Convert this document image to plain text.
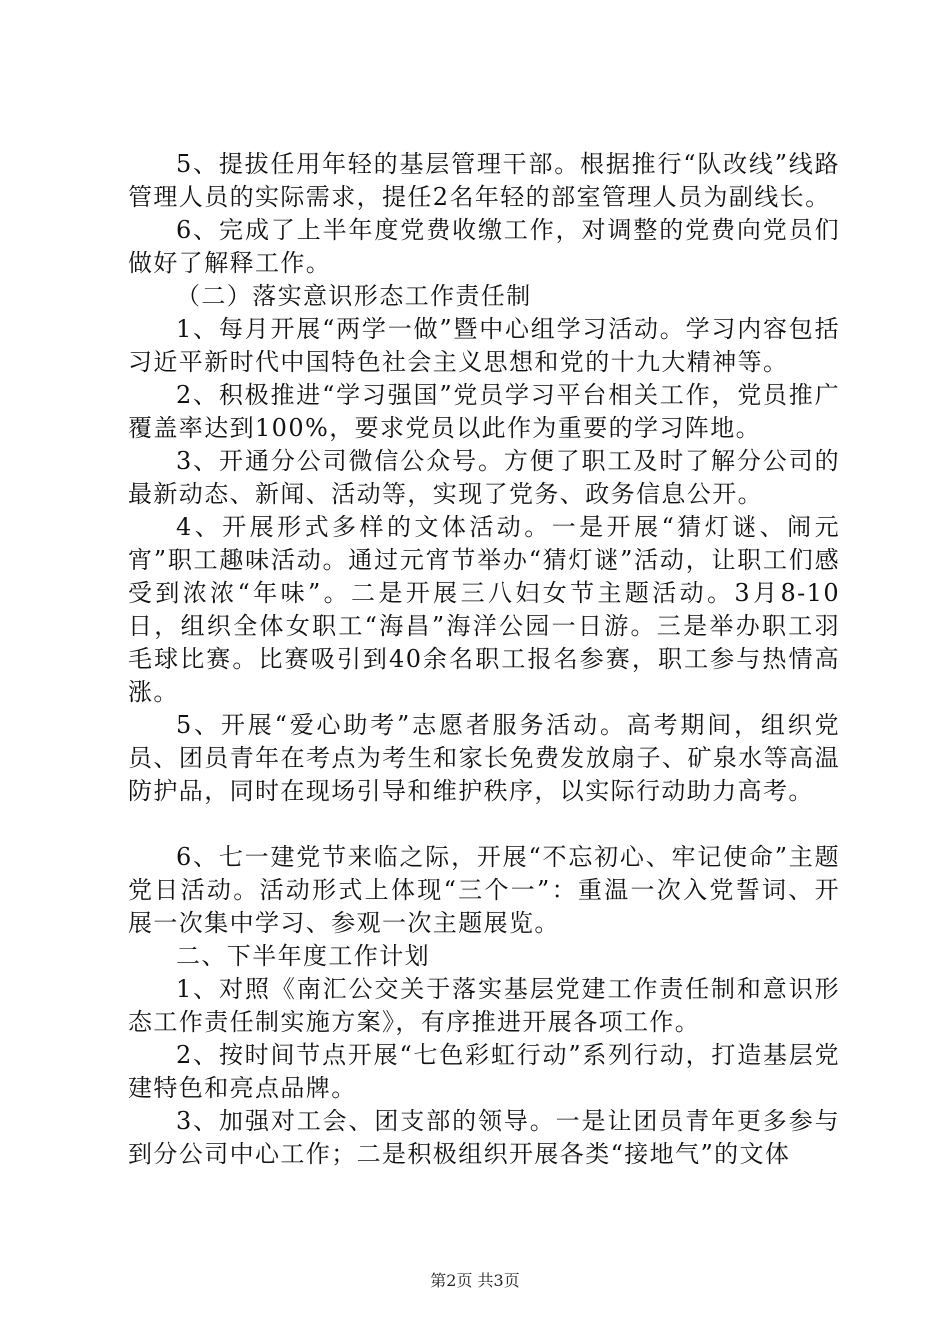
5、提拔任用年轻的基层管理干部。根据推行“队改线”线路管理人员的实际需求，提任2名年轻的部室管理人员为副线长。

6、完成了上半年度党费收缴工作，对调整的党费向党员们做好了解释工作。

（二）落实意识形态工作责任制

1、每月开展“两学一做”暨中心组学习活动。学习内容包括习近平新时代中国特色社会主义思想和党的十九大精神等。

2、积极推进“学习强国”党员学习平台相关工作，党员推广覆盖率达到100%，要求党员以此作为重要的学习阵地。

3、开通分公司微信公众号。方便了职工及时了解分公司的最新动态、新闻、活动等，实现了党务、政务信息公开。

4、开展形式多样的文体活动。一是开展“猜灯谜、闹元宵”职工趣味活动。通过元宵节举办“猜灯谜”活动，让职工们感受到浓浓“年味”。二是开展三八妇女节主题活动。3月8-10日，组织全体女职工“海昌”海洋公园一日游。三是举办职工羽毛球比赛。比赛吸引到40余名职工报名参赛，职工参与热情高涨。

5、开展“爱心助考”志愿者服务活动。高考期间，组织党员、团员青年在考点为考生和家长免费发放扇子、矿泉水等高温防护品，同时在现场引导和维护秩序，以实际行动助力高考。

6、七一建党节来临之际，开展“不忘初心、牢记使命”主题党日活动。活动形式上体现“三个一”：重温一次入党誓词、开展一次集中学习、参观一次主题展览。

二、下半年度工作计划

1、对照《南汇公交关于落实基层党建工作责任制和意识形态工作责任制实施方案》，有序推进开展各项工作。

2、按时间节点开展“七色彩虹行动”系列行动，打造基层党建特色和亮点品牌。

3、加强对工会、团支部的领导。一是让团员青年更多参与到分公司中心工作；二是积极组织开展各类“接地气”的文体

第2页 共3页
